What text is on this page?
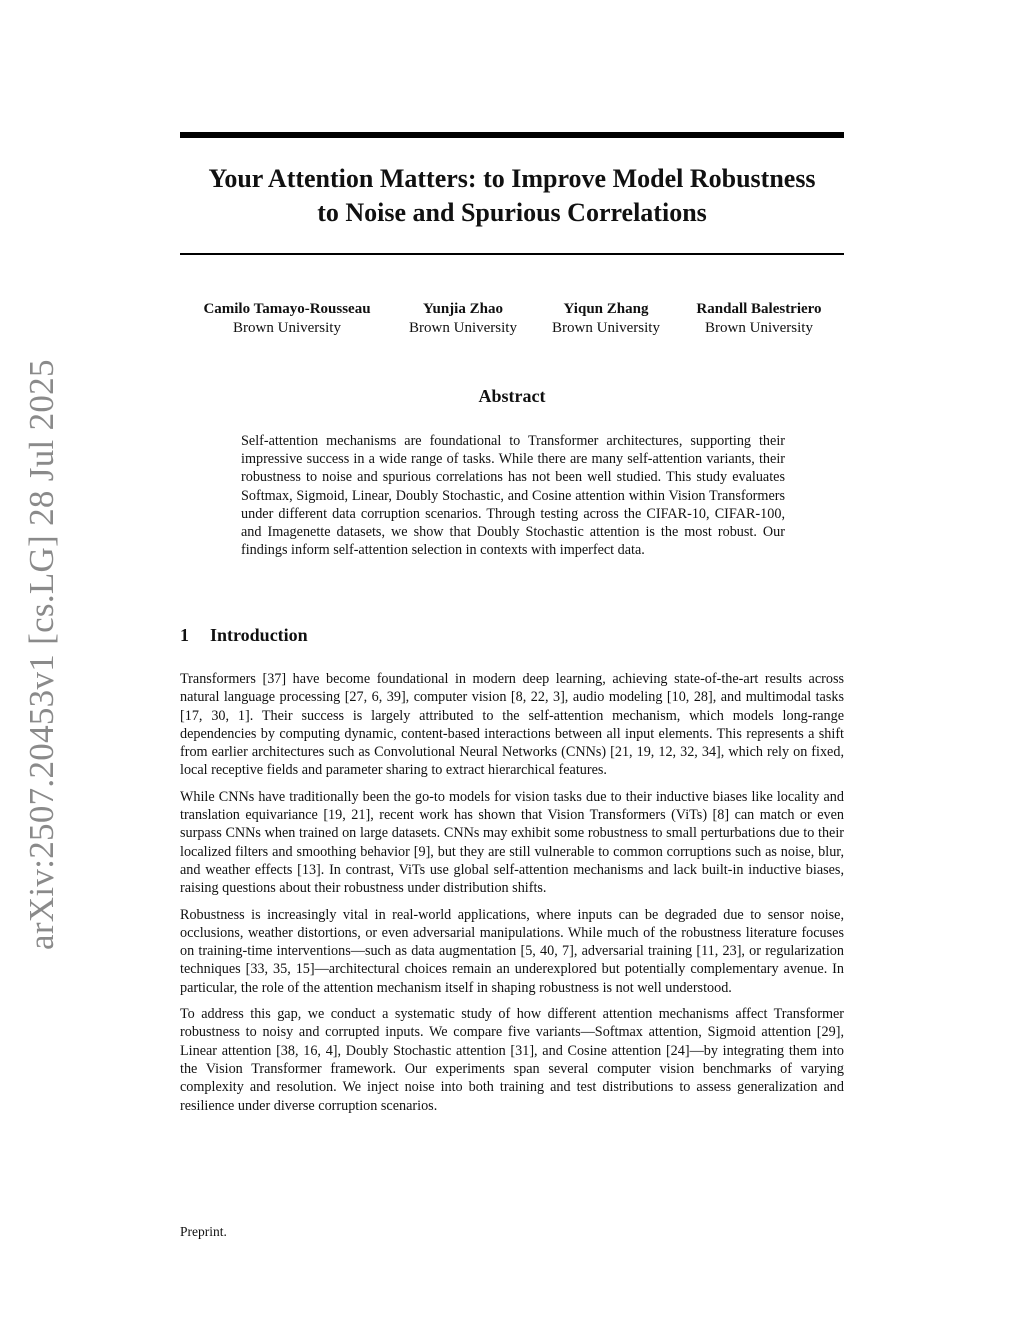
arXiv:2507.20453v1 [cs.LG] 28 Jul 2025
Your Attention Matters: to Improve Model Robustness
to Noise and Spurious Correlations
Camilo Tamayo-Rousseau
Brown University
Yunjia Zhao
Brown University
Yiqun Zhang
Brown University
Randall Balestriero
Brown University
Abstract
Self-attention mechanisms are foundational to Transformer architectures, supporting their impressive success in a wide range of tasks. While there are many self-attention variants, their robustness to noise and spurious correlations has not been well studied. This study evaluates Softmax, Sigmoid, Linear, Doubly Stochastic, and Cosine attention within Vision Transformers under different data corruption scenarios. Through testing across the CIFAR-10, CIFAR-100, and Imagenette datasets, we show that Doubly Stochastic attention is the most robust. Our findings inform self-attention selection in contexts with imperfect data.
1 Introduction

Transformers [37] have become foundational in modern deep learning, achieving state-of-the-art results across natural language processing [27, 6, 39], computer vision [8, 22, 3], audio modeling [10, 28], and multimodal tasks [17, 30, 1]. Their success is largely attributed to the self-attention mechanism, which models long-range dependencies by computing dynamic, content-based interactions between all input elements. This represents a shift from earlier architectures such as Convolutional Neural Networks (CNNs) [21, 19, 12, 32, 34], which rely on fixed, local receptive fields and parameter sharing to extract hierarchical features.

While CNNs have traditionally been the go-to models for vision tasks due to their inductive biases like locality and translation equivariance [19, 21], recent work has shown that Vision Transformers (ViTs) [8] can match or even surpass CNNs when trained on large datasets. CNNs may exhibit some robustness to small perturbations due to their localized filters and smoothing behavior [9], but they are still vulnerable to common corruptions such as noise, blur, and weather effects [13]. In contrast, ViTs use global self-attention mechanisms and lack built-in inductive biases, raising questions about their robustness under distribution shifts.

Robustness is increasingly vital in real-world applications, where inputs can be degraded due to sensor noise, occlusions, weather distortions, or even adversarial manipulations. While much of the robustness literature focuses on training-time interventions—such as data augmentation [5, 40, 7], adversarial training [11, 23], or regularization techniques [33, 35, 15]—architectural choices remain an underexplored but potentially complementary avenue. In particular, the role of the attention mechanism itself in shaping robustness is not well understood.

To address this gap, we conduct a systematic study of how different attention mechanisms affect Transformer robustness to noisy and corrupted inputs. We compare five variants—Softmax attention, Sigmoid attention [29], Linear attention [38, 16, 4], Doubly Stochastic attention [31], and Cosine attention [24]—by integrating them into the Vision Transformer framework. Our experiments span several computer vision benchmarks of varying complexity and resolution. We inject noise into both training and test distributions to assess generalization and resilience under diverse corruption scenarios.

Preprint.
